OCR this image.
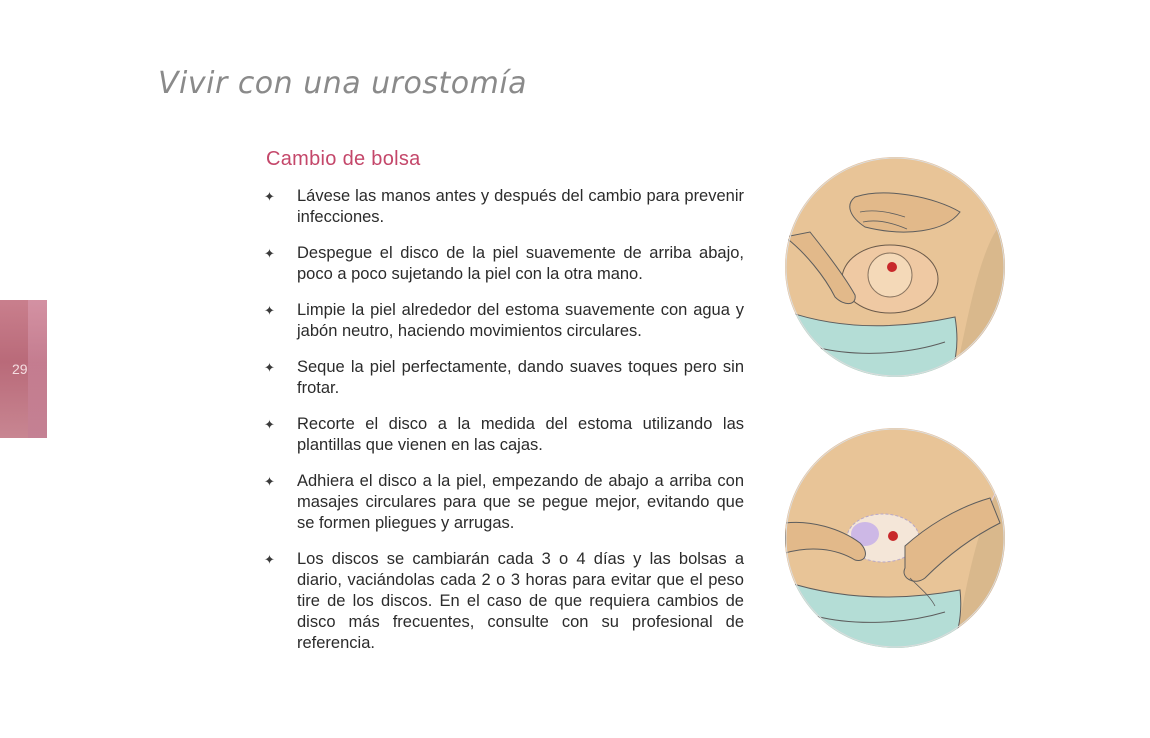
Vivir con una urostomía
29
Cambio de bolsa
✦ Lávese las manos antes y después del cambio para prevenir infecciones.
✦ Despegue el disco de la piel suavemente de arriba abajo, poco a poco sujetando la piel con la otra mano.
✦ Limpie la piel alrededor del estoma suavemente con agua y jabón neutro, haciendo movimientos circulares.
✦ Seque la piel perfectamente, dando suaves toques pero sin frotar.
✦ Recorte el disco a la medida del estoma utilizando las plantillas que vienen en las cajas.
✦ Adhiera el disco a la piel, empezando de abajo a arriba con masajes circulares para que se pegue mejor, evitando que se formen pliegues y arrugas.
✦ Los discos se cambiarán cada 3 o 4 días y las bolsas a diario, vaciándolas cada 2 o 3 horas para evitar que el peso tire de los discos. En el caso de que requiera cambios de disco más frecuentes, consulte con su profesional de referencia.
